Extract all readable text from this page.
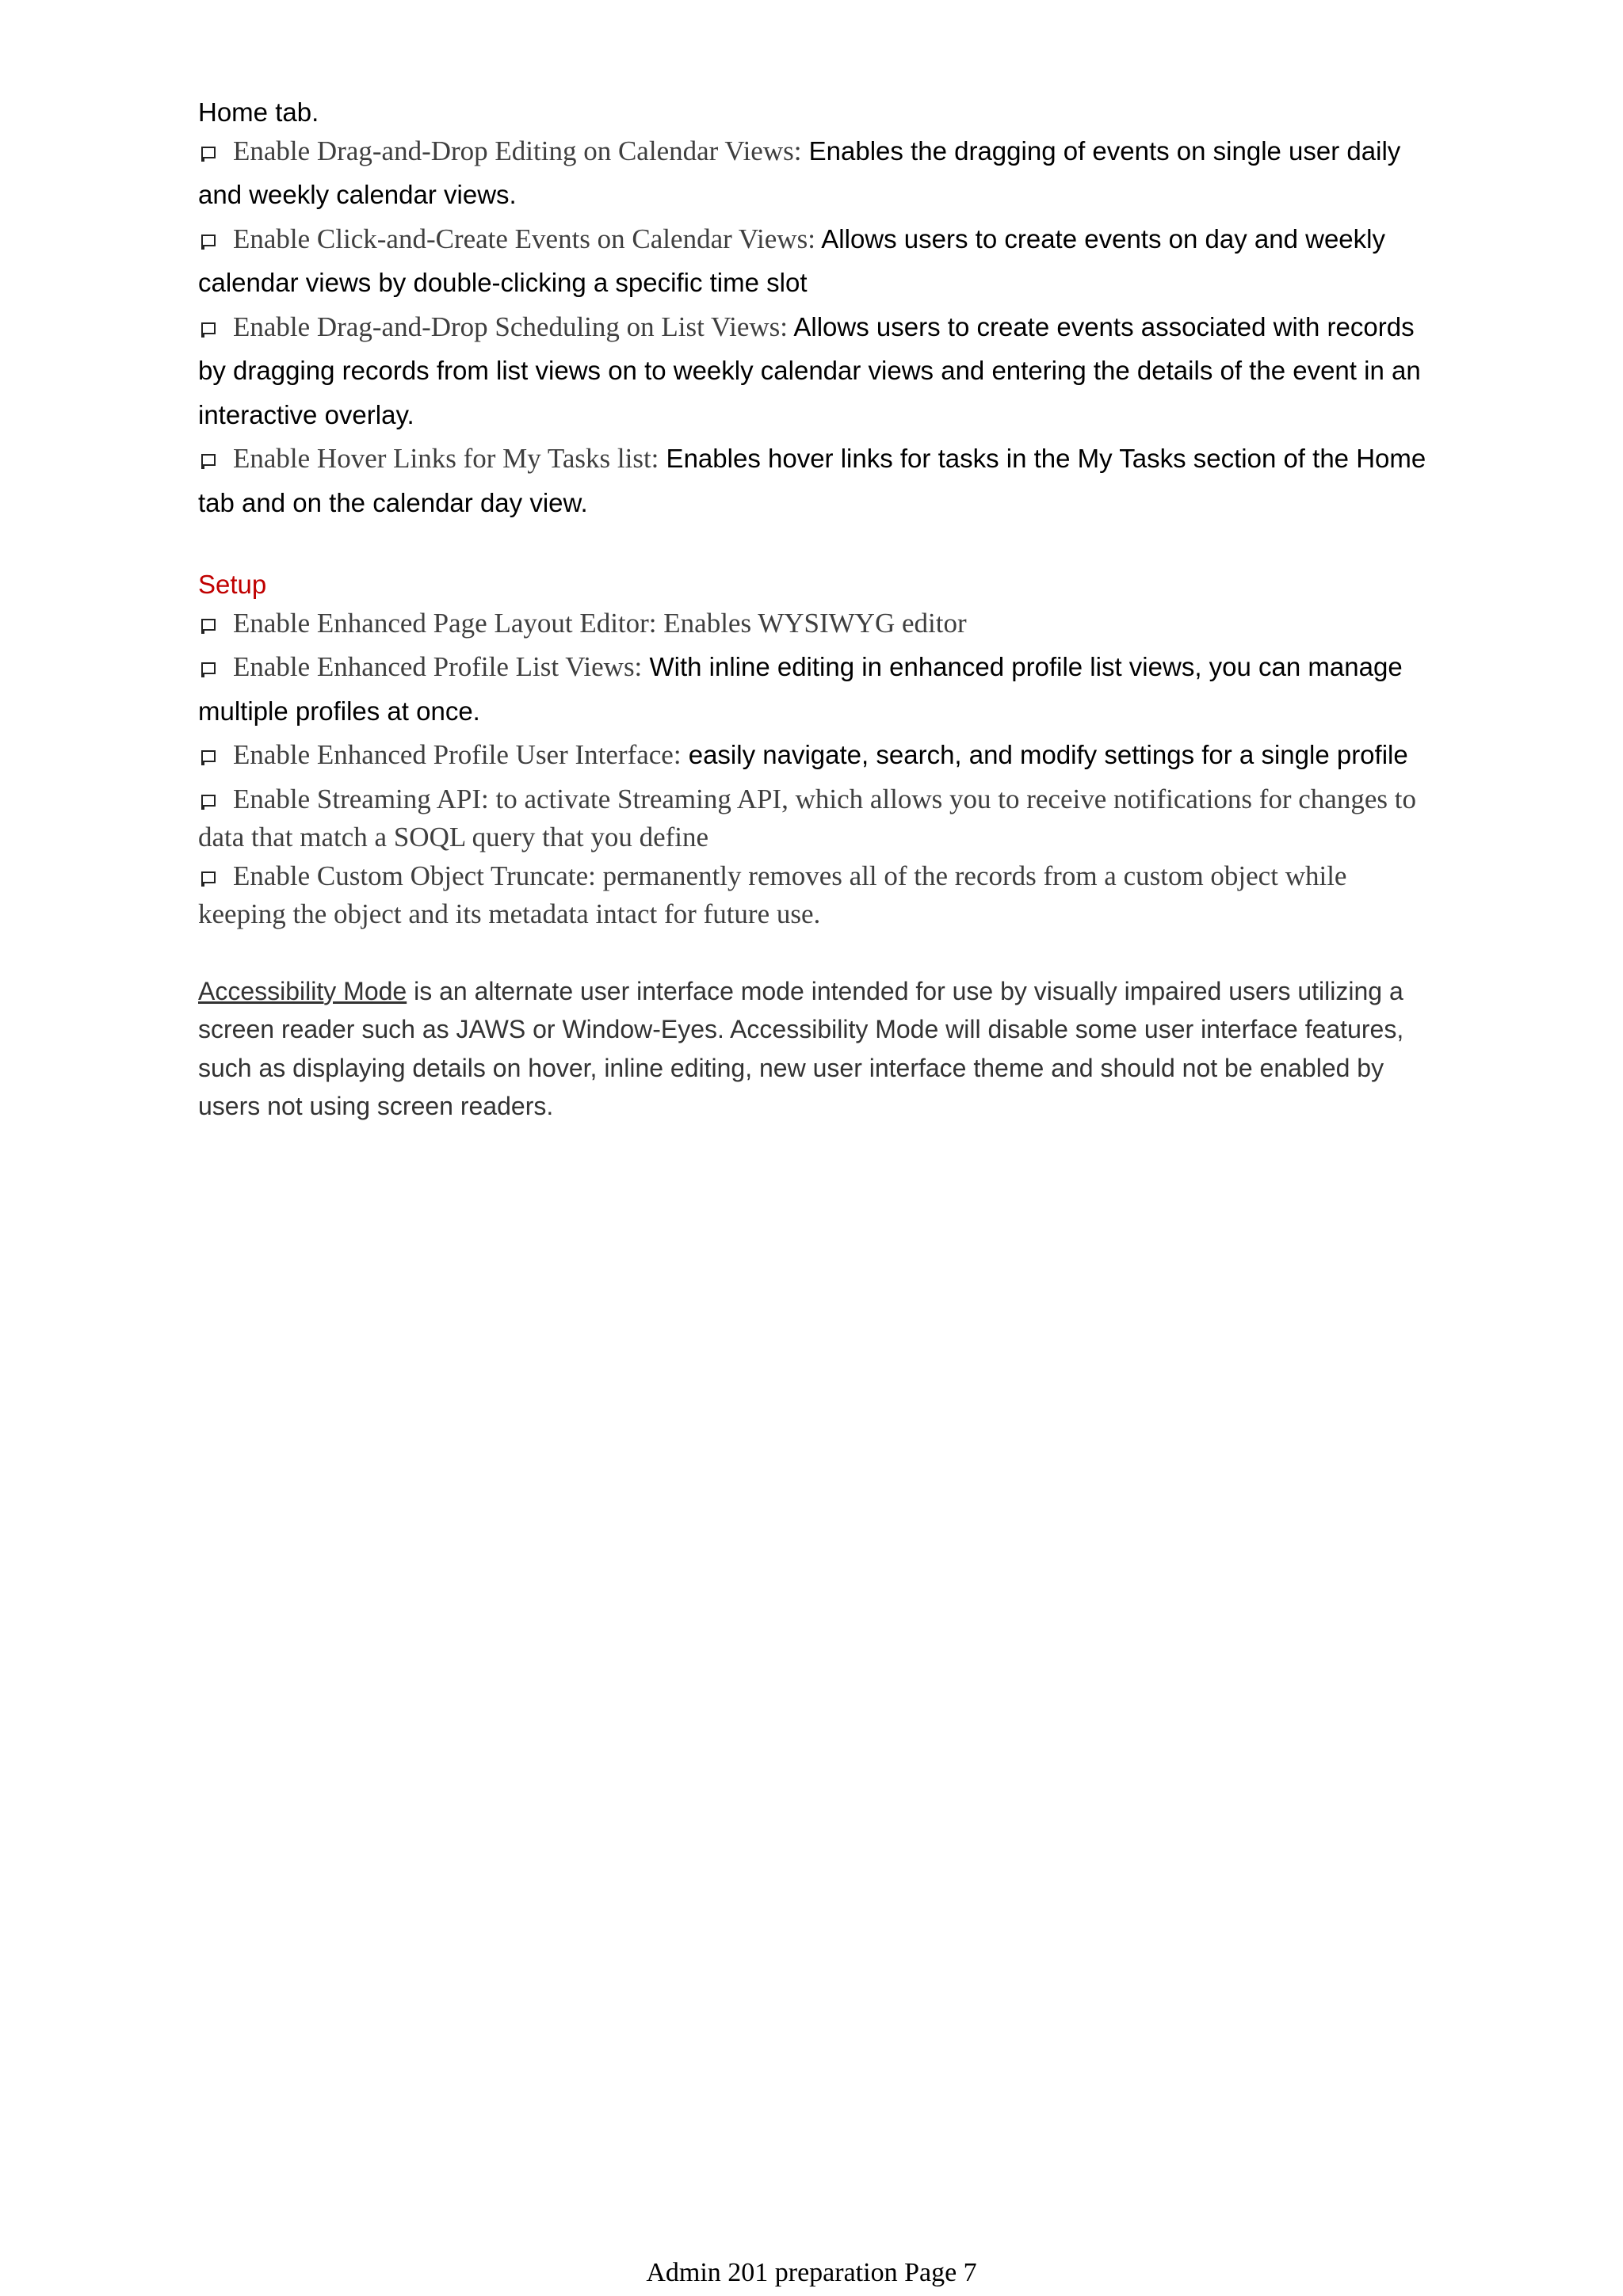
Home tab.

Enable Drag-and-Drop Editing on Calendar Views: Enables the dragging of events on single user daily and weekly calendar views.

Enable Click-and-Create Events on Calendar Views: Allows users to create events on day and weekly calendar views by double-clicking a specific time slot

Enable Drag-and-Drop Scheduling on List Views: Allows users to create events associated with records by dragging records from list views on to weekly calendar views and entering the details of the event in an interactive overlay.

Enable Hover Links for My Tasks list: Enables hover links for tasks in the My Tasks section of the Home tab and on the calendar day view.

Setup

Enable Enhanced Page Layout Editor: Enables WYSIWYG editor

Enable Enhanced Profile List Views: With inline editing in enhanced profile list views, you can manage multiple profiles at once.

Enable Enhanced Profile User Interface: easily navigate, search, and modify settings for a single profile

Enable Streaming API: to activate Streaming API, which allows you to receive notifications for changes to data that match a SOQL query that you define

Enable Custom Object Truncate: permanently removes all of the records from a custom object while keeping the object and its metadata intact for future use.

Accessibility Mode is an alternate user interface mode intended for use by visually impaired users utilizing a screen reader such as JAWS or Window-Eyes. Accessibility Mode will disable some user interface features, such as displaying details on hover, inline editing, new user interface theme and should not be enabled by users not using screen readers.

Admin 201 preparation Page 7
